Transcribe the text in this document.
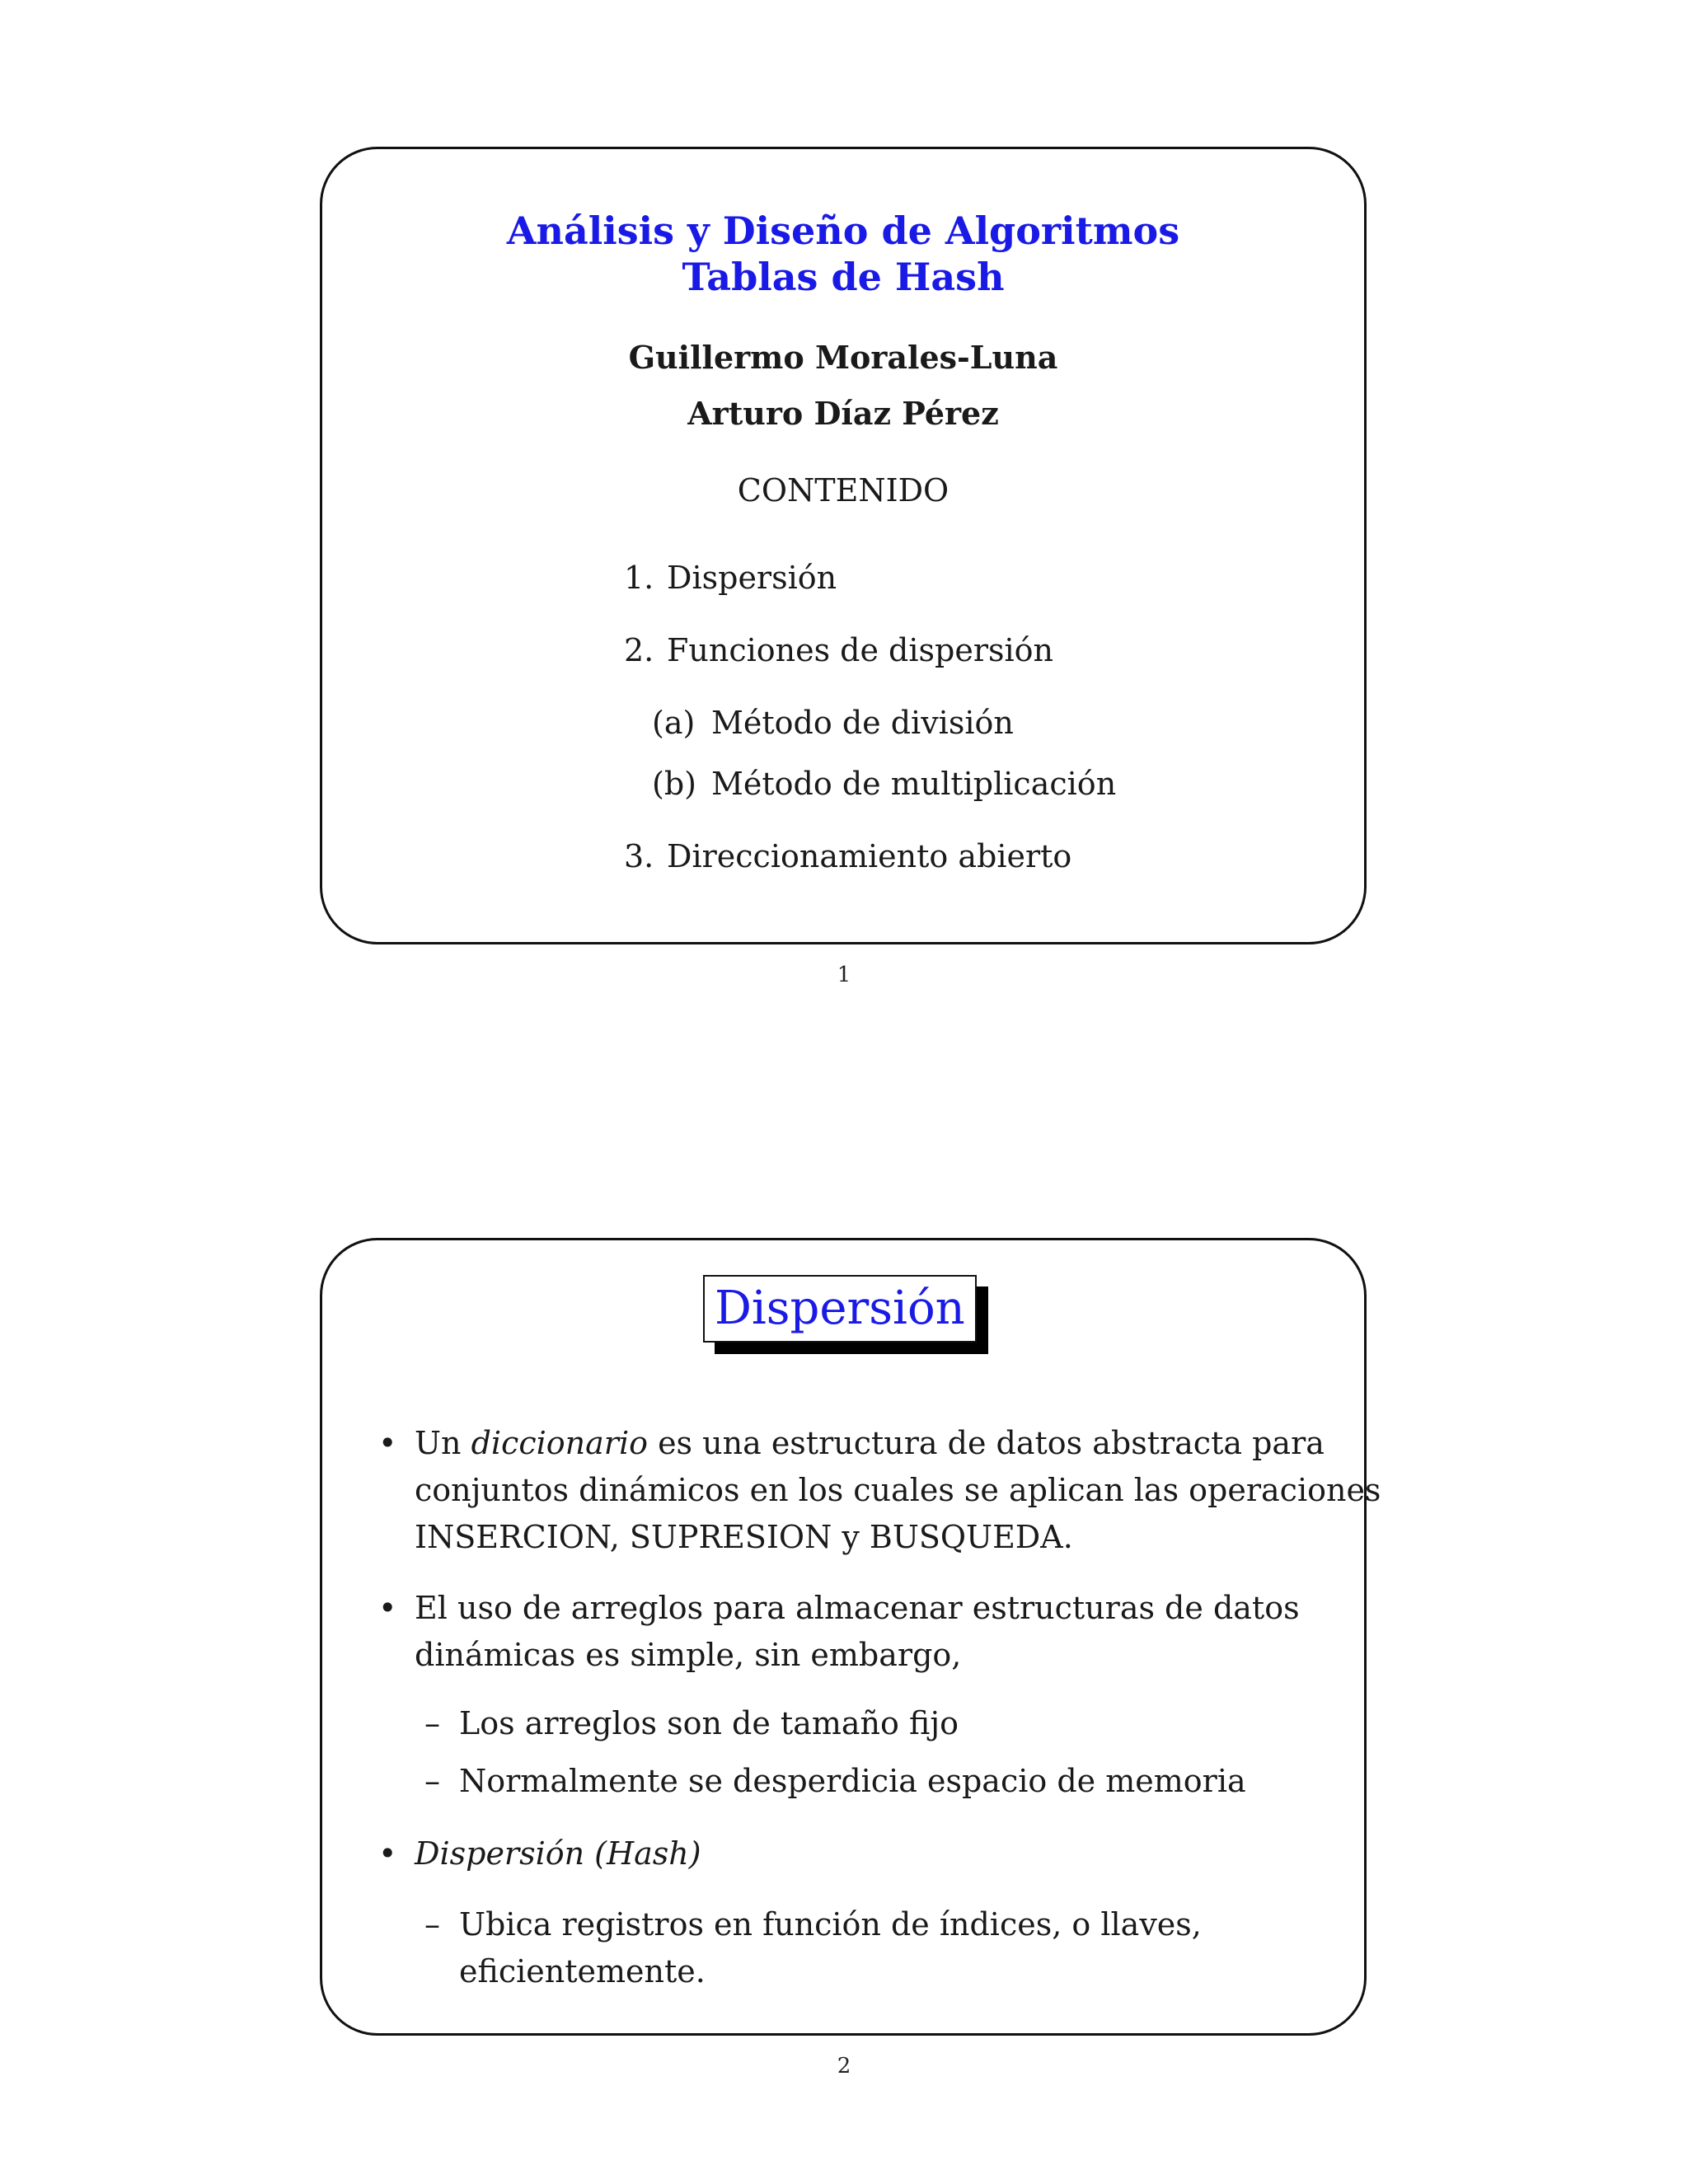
Análisis y Diseño de Algoritmos
Tablas de Hash
Guillermo Morales-Luna
Arturo Díaz Pérez
CONTENIDO
1. Dispersión
2. Funciones de dispersión
(a) Método de división
(b) Método de multiplicación
3. Direccionamiento abierto
1
Dispersión
• Un diccionario es una estructura de datos abstracta para
conjuntos dinámicos en los cuales se aplican las operaciones
INSERCION, SUPRESION y BUSQUEDA.
• El uso de arreglos para almacenar estructuras de datos
dinámicas es simple, sin embargo,
– Los arreglos son de tamaño fijo
– Normalmente se desperdicia espacio de memoria
• Dispersión (Hash)
– Ubica registros en función de índices, o llaves,
eficientemente.
2
